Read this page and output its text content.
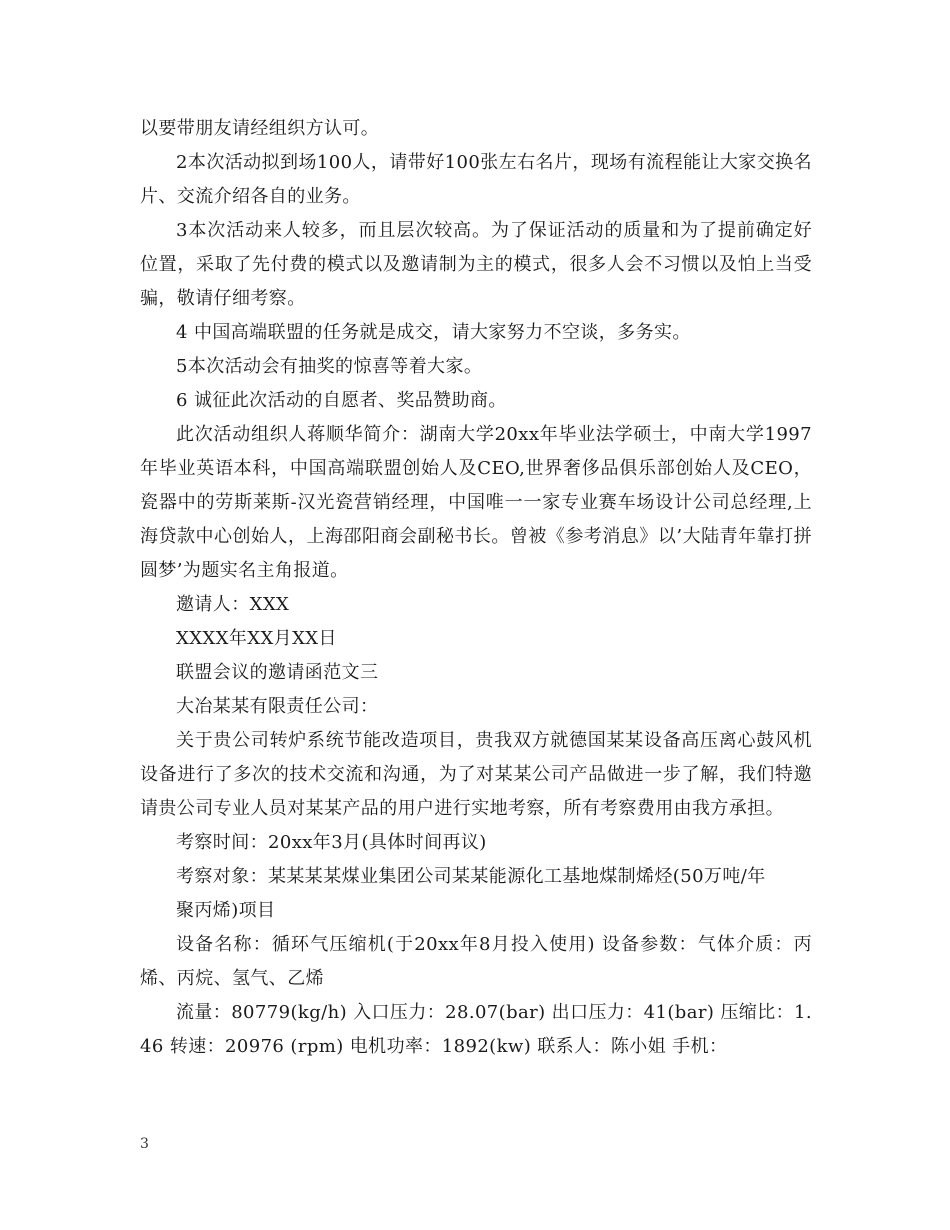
以要带朋友请经组织方认可。

2本次活动拟到场100人，请带好100张左右名片，现场有流程能让大家交换名片、交流介绍各自的业务。

3本次活动来人较多，而且层次较高。为了保证活动的质量和为了提前确定好位置，采取了先付费的模式以及邀请制为主的模式，很多人会不习惯以及怕上当受骗，敬请仔细考察。

4 中国高端联盟的任务就是成交，请大家努力不空谈，多务实。

5本次活动会有抽奖的惊喜等着大家。

6 诚征此次活动的自愿者、奖品赞助商。

此次活动组织人蒋顺华简介：湖南大学20xx年毕业法学硕士，中南大学1997年毕业英语本科，中国高端联盟创始人及CEO,世界奢侈品俱乐部创始人及CEO，瓷器中的劳斯莱斯-汉光瓷营销经理，中国唯一一家专业赛车场设计公司总经理,上海贷款中心创始人，上海邵阳商会副秘书长。曾被《参考消息》以’大陆青年靠打拼圆梦’为题实名主角报道。

邀请人：XXX

XXXX年XX月XX日

联盟会议的邀请函范文三

大冶某某有限责任公司：

关于贵公司转炉系统节能改造项目，贵我双方就德国某某设备高压离心鼓风机设备进行了多次的技术交流和沟通，为了对某某公司产品做进一步了解，我们特邀请贵公司专业人员对某某产品的用户进行实地考察，所有考察费用由我方承担。

考察时间：20xx年3月(具体时间再议)

考察对象：某某某某煤业集团公司某某能源化工基地煤制烯烃(50万吨/年

聚丙烯)项目

设备名称：循环气压缩机(于20xx年8月投入使用) 设备参数：气体介质：丙烯、丙烷、氢气、乙烯

流量：80779(kg/h) 入口压力：28.07(bar) 出口压力：41(bar) 压缩比：1.46 转速：20976 (rpm) 电机功率：1892(kw) 联系人：陈小姐 手机：

3
